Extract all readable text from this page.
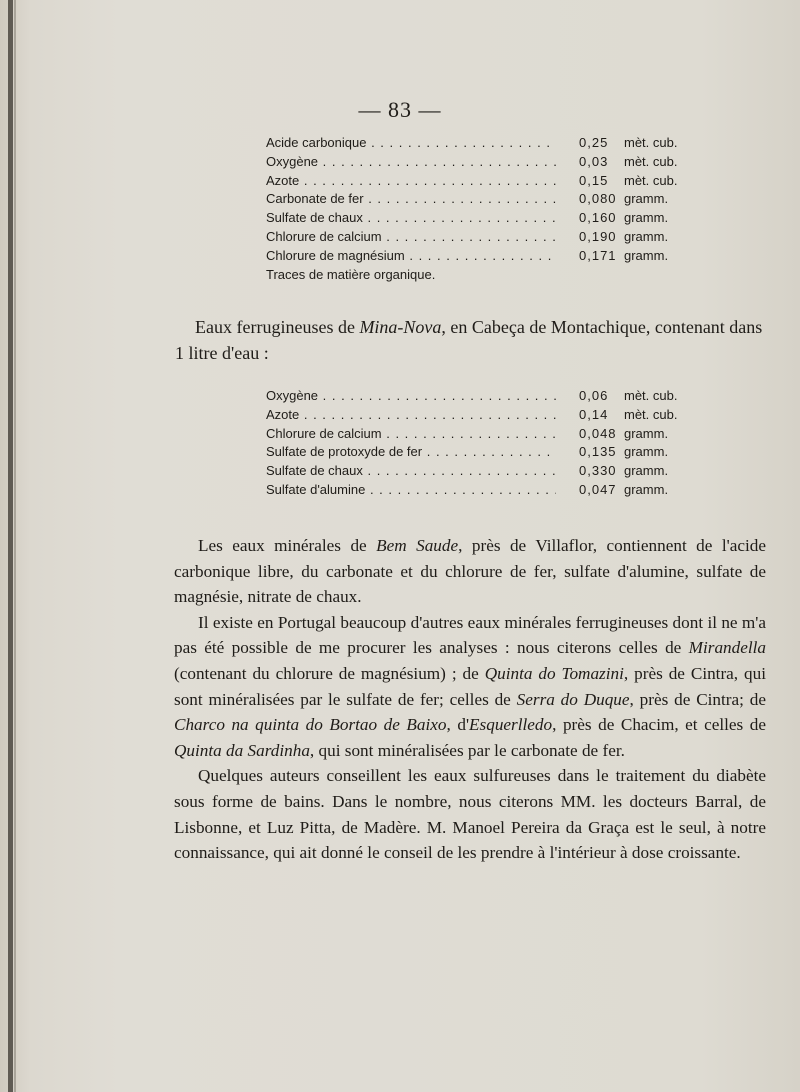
— 83 —
Acide carbonique . . .	0,25 mèt. cub.
Oxygène . . .	0,03 mèt. cub.
Azote . . .	0,15 mèt. cub.
Carbonate de fer . . .	0,080 gramm.
Sulfate de chaux . . .	0,160 gramm.
Chlorure de calcium . . .	0,190 gramm.
Chlorure de magnésium . . .	0,171 gramm.
Traces de matière organique.
Eaux ferrugineuses de Mina-Nova, en Cabeça de Montachique, contenant dans 1 litre d'eau :
Oxygène . . .	0,06 mèt. cub.
Azote . . .	0,14 mèt. cub.
Chlorure de calcium . . .	0,048 gramm.
Sulfate de protoxyde de fer . . .	0,135 gramm.
Sulfate de chaux . . .	0,330 gramm.
Sulfate d'alumine . . .	0,047 gramm.

Les eaux minérales de Bem Saude, près de Villaflor, contiennent de l'acide carbonique libre, du carbonate et du chlorure de fer, sulfate d'alumine, sulfate de magnésie, nitrate de chaux.

Il existe en Portugal beaucoup d'autres eaux minérales ferrugineuses dont il ne m'a pas été possible de me procurer les analyses : nous citerons celles de Mirandella (contenant du chlorure de magnésium) ; de Quinta do Tomazini, près de Cintra, qui sont minéralisées par le sulfate de fer; celles de Serra do Duque, près de Cintra; de Charco na quinta do Bortao de Baixo, d'Esquerlledo, près de Chacim, et celles de Quinta da Sardinha, qui sont minéralisées par le carbonate de fer.

Quelques auteurs conseillent les eaux sulfureuses dans le traitement du diabète sous forme de bains. Dans le nombre, nous citerons MM. les docteurs Barral, de Lisbonne, et Luz Pitta, de Madère. M. Manoel Pereira da Graça est le seul, à notre connaissance, qui ait donné le conseil de les prendre à l'intérieur à dose croissante.
